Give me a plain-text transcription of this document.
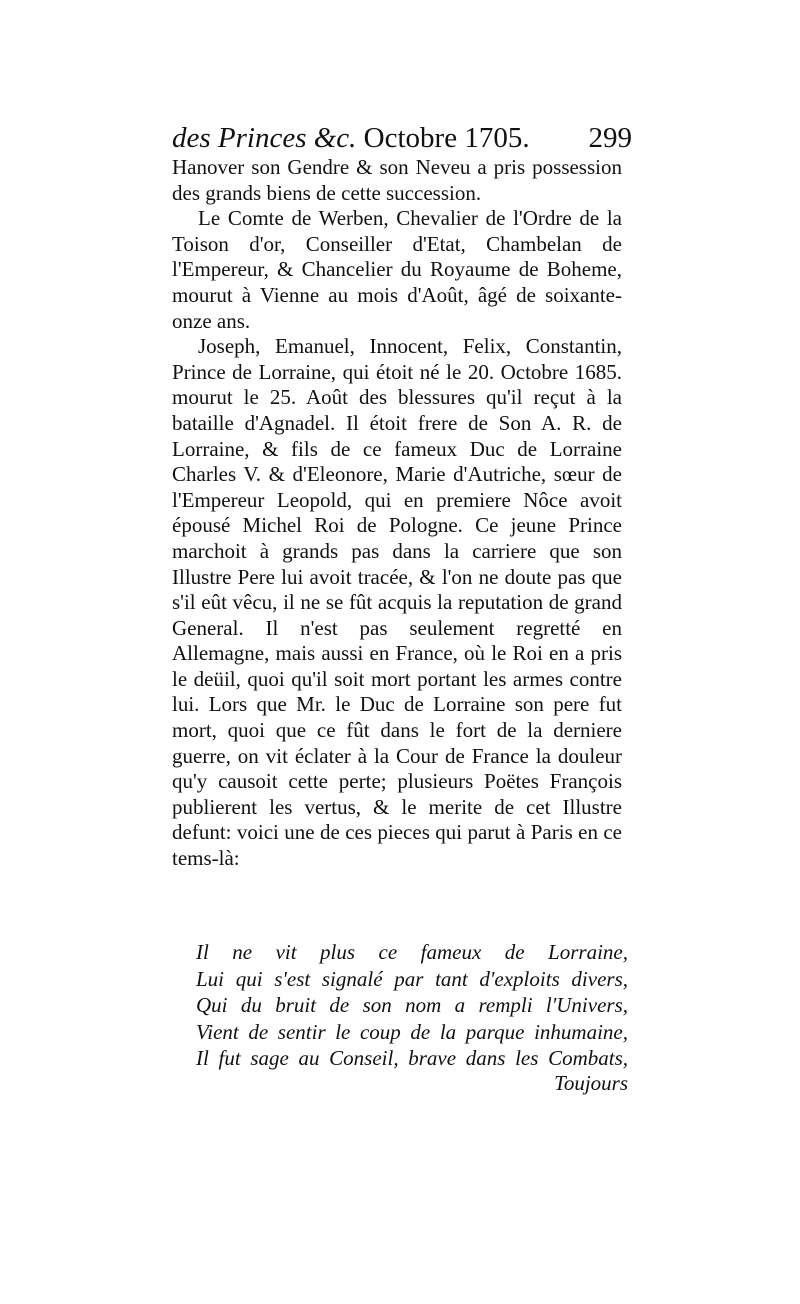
des Princes &c. Octobre 1705. 299

Hanover son Gendre & son Neveu a pris possession des grands biens de cette succession.

Le Comte de Werben, Chevalier de l'Ordre de la Toison d'or, Conseiller d'Etat, Chambelan de l'Empereur, & Chancelier du Royaume de Boheme, mourut à Vienne au mois d'Août, âgé de soixante-onze ans.

Joseph, Emanuel, Innocent, Felix, Constantin, Prince de Lorraine, qui étoit né le 20. Octobre 1685. mourut le 25. Août des blessures qu'il reçut à la bataille d'Agnadel. Il étoit frere de Son A. R. de Lorraine, & fils de ce fameux Duc de Lorraine Charles V. & d'Eleonore, Marie d'Autriche, sœur de l'Empereur Leopold, qui en premiere Nôce avoit épousé Michel Roi de Pologne. Ce jeune Prince marchoit à grands pas dans la carriere que son Illustre Pere lui avoit tracée, & l'on ne doute pas que s'il eût vêcu, il ne se fût acquis la reputation de grand General. Il n'est pas seulement regretté en Allemagne, mais aussi en France, où le Roi en a pris le deüil, quoi qu'il soit mort portant les armes contre lui. Lors que Mr. le Duc de Lorraine son pere fut mort, quoi que ce fût dans le fort de la derniere guerre, on vit éclater à la Cour de France la douleur qu'y causoit cette perte; plusieurs Poëtes François publierent les vertus, & le merite de cet Illustre defunt: voici une de ces pieces qui parut à Paris en ce tems-là:

Il ne vit plus ce fameux de Lorraine,
Lui qui s'est signalé par tant d'exploits divers,
Qui du bruit de son nom a rempli l'Univers,
Vient de sentir le coup de la parque inhumaine,
Il fut sage au Conseil, brave dans les Combats,
Toujours
